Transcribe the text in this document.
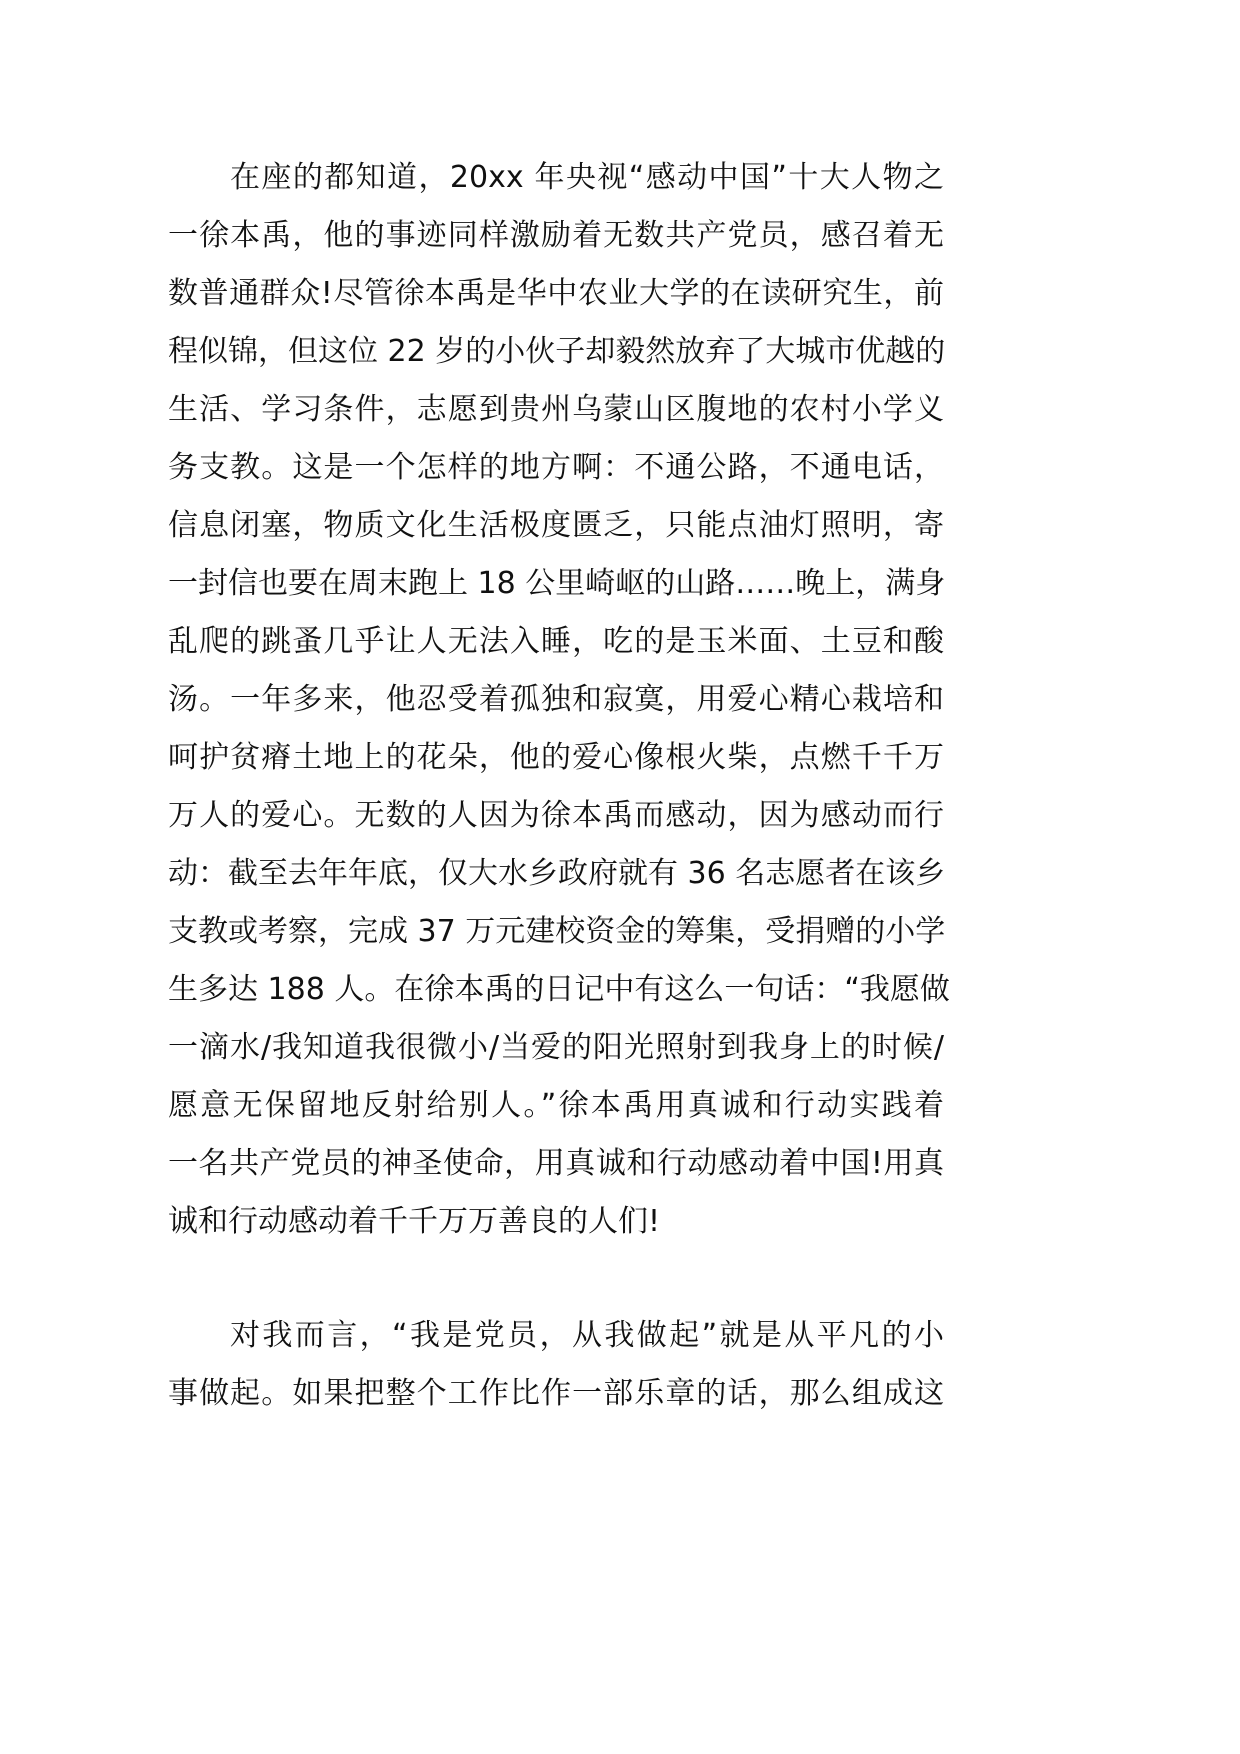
在座的都知道，20xx 年央视“感动中国”十大人物之
一徐本禹，他的事迹同样激励着无数共产党员，感召着无
数普通群众!尽管徐本禹是华中农业大学的在读研究生，前
程似锦，但这位 22 岁的小伙子却毅然放弃了大城市优越的
生活、学习条件，志愿到贵州乌蒙山区腹地的农村小学义
务支教。这是一个怎样的地方啊：不通公路，不通电话，
信息闭塞，物质文化生活极度匮乏，只能点油灯照明，寄
一封信也要在周末跑上 18 公里崎岖的山路……晚上，满身
乱爬的跳蚤几乎让人无法入睡，吃的是玉米面、土豆和酸
汤。一年多来，他忍受着孤独和寂寞，用爱心精心栽培和
呵护贫瘠土地上的花朵，他的爱心像根火柴，点燃千千万
万人的爱心。无数的人因为徐本禹而感动，因为感动而行
动：截至去年年底，仅大水乡政府就有 36 名志愿者在该乡
支教或考察，完成 37 万元建校资金的筹集，受捐赠的小学
生多达 188 人。在徐本禹的日记中有这么一句话：“我愿做
一滴水/我知道我很微小/当爱的阳光照射到我身上的时候/
愿意无保留地反射给别人。”徐本禹用真诚和行动实践着
一名共产党员的神圣使命，用真诚和行动感动着中国!用真
诚和行动感动着千千万万善良的人们!
对我而言，“我是党员，从我做起”就是从平凡的小
事做起。如果把整个工作比作一部乐章的话，那么组成这
